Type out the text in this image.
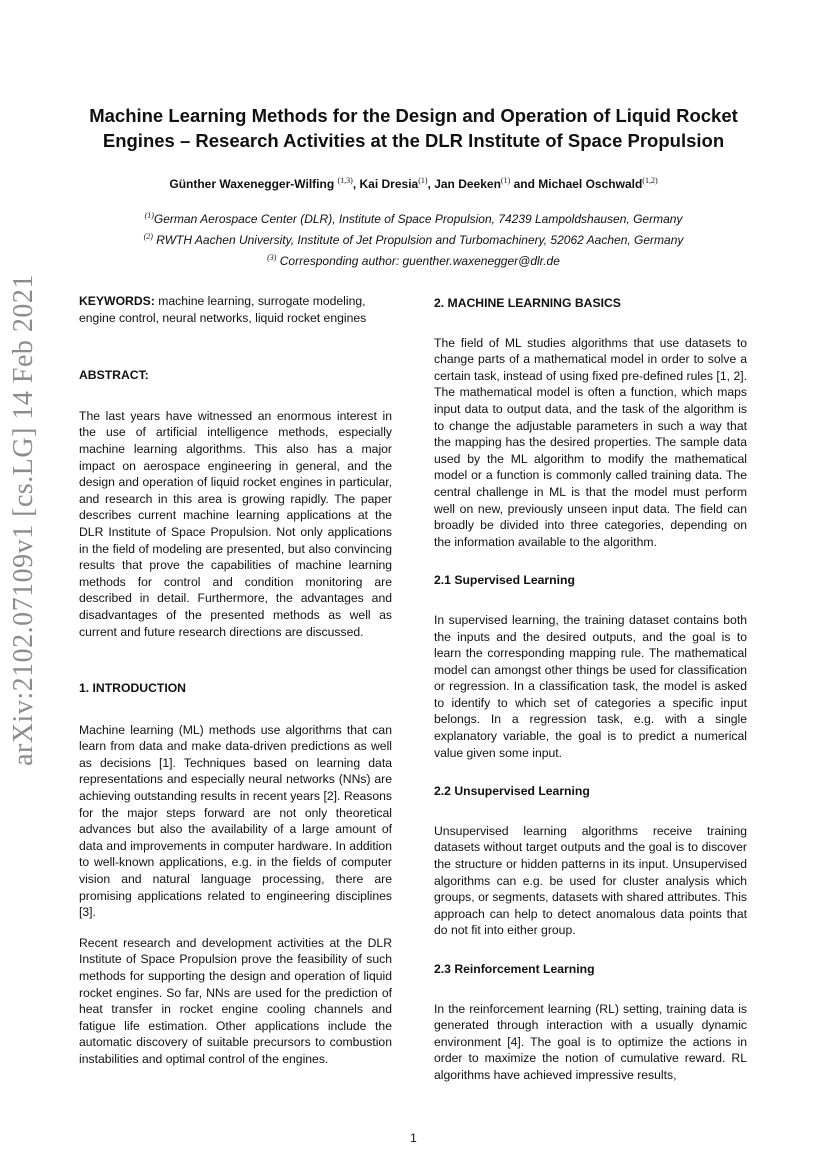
arXiv:2102.07109v1 [cs.LG] 14 Feb 2021
Machine Learning Methods for the Design and Operation of Liquid Rocket
Engines – Research Activities at the DLR Institute of Space Propulsion
Günther Waxenegger-Wilfing $^{(1,3)}$, Kai Dresia$^{(1)}$, Jan Deeken$^{(1)}$ and Michael Oschwald$^{(1,2)}$
$^{(1)}$German Aerospace Center (DLR), Institute of Space Propulsion, 74239 Lampoldshausen, Germany
$^{(2)}$ RWTH Aachen University, Institute of Jet Propulsion and Turbomachinery, 52062 Aachen, Germany
$^{(3)}$ Corresponding author: guenther.waxenegger@dlr.de

KEYWORDS: machine learning, surrogate modeling, engine control, neural networks, liquid rocket engines

ABSTRACT:

The last years have witnessed an enormous interest in the use of artificial intelligence methods, especially machine learning algorithms. This also has a major impact on aerospace engineering in general, and the design and operation of liquid rocket engines in particular, and research in this area is growing rapidly. The paper describes current machine learning applications at the DLR Institute of Space Propulsion. Not only applications in the field of modeling are presented, but also convincing results that prove the capabilities of machine learning methods for control and condition monitoring are described in detail. Furthermore, the advantages and disadvantages of the presented methods as well as current and future research directions are discussed.

1. INTRODUCTION

Machine learning (ML) methods use algorithms that can learn from data and make data-driven predictions as well as decisions [1]. Techniques based on learning data representations and especially neural networks (NNs) are achieving outstanding results in recent years [2]. Reasons for the major steps forward are not only theoretical advances but also the availability of a large amount of data and improvements in computer hardware. In addition to well-known applications, e.g. in the fields of computer vision and natural language processing, there are promising applications related to engineering disciplines [3].

Recent research and development activities at the DLR Institute of Space Propulsion prove the feasibility of such methods for supporting the design and operation of liquid rocket engines. So far, NNs are used for the prediction of heat transfer in rocket engine cooling channels and fatigue life estimation. Other applications include the automatic discovery of suitable precursors to combustion instabilities and optimal control of the engines.

2. MACHINE LEARNING BASICS

The field of ML studies algorithms that use datasets to change parts of a mathematical model in order to solve a certain task, instead of using fixed pre-defined rules [1, 2]. The mathematical model is often a function, which maps input data to output data, and the task of the algorithm is to change the adjustable parameters in such a way that the mapping has the desired properties. The sample data used by the ML algorithm to modify the mathematical model or a function is commonly called training data. The central challenge in ML is that the model must perform well on new, previously unseen input data. The field can broadly be divided into three categories, depending on the information available to the algorithm.

2.1 Supervised Learning

In supervised learning, the training dataset contains both the inputs and the desired outputs, and the goal is to learn the corresponding mapping rule. The mathematical model can amongst other things be used for classification or regression. In a classification task, the model is asked to identify to which set of categories a specific input belongs. In a regression task, e.g. with a single explanatory variable, the goal is to predict a numerical value given some input.

2.2 Unsupervised Learning

Unsupervised learning algorithms receive training datasets without target outputs and the goal is to discover the structure or hidden patterns in its input. Unsupervised algorithms can e.g. be used for cluster analysis which groups, or segments, datasets with shared attributes. This approach can help to detect anomalous data points that do not fit into either group.

2.3 Reinforcement Learning

In the reinforcement learning (RL) setting, training data is generated through interaction with a usually dynamic environment [4]. The goal is to optimize the actions in order to maximize the notion of cumulative reward. RL algorithms have achieved impressive results,

1
